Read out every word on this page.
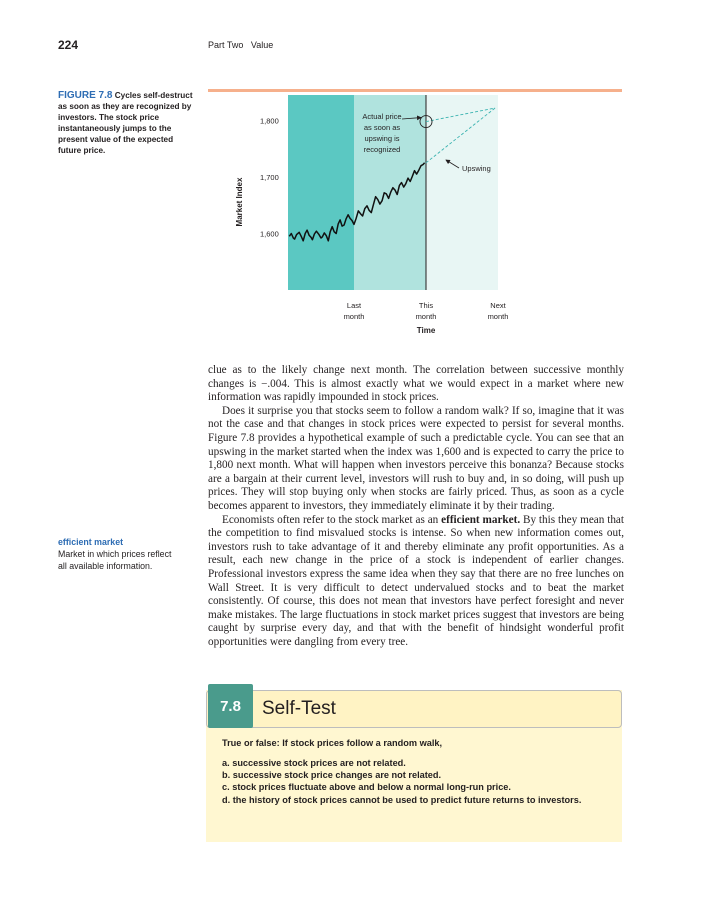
224	Part Two Value
FIGURE 7.8 Cycles self-destruct as soon as they are recognized by investors. The stock price instantaneously jumps to the present value of the expected future price.
1,600
1,700
1,800
Last
month
This
month
Next
month
Market Index
Time
Actual price
as soon as
upswing is
recognized
Upswing

clue as to the likely change next month. The correlation between successive monthly changes is −.004. This is almost exactly what we would expect in a market where new information was rapidly impounded in stock prices.

Does it surprise you that stocks seem to follow a random walk? If so, imagine that it was not the case and that changes in stock prices were expected to persist for several months. Figure 7.8 provides a hypothetical example of such a predictable cycle. You can see that an upswing in the market started when the index was 1,600 and is expected to carry the price to 1,800 next month. What will happen when investors perceive this bonanza? Because stocks are a bargain at their current level, investors will rush to buy and, in so doing, will push up prices. They will stop buying only when stocks are fairly priced. Thus, as soon as a cycle becomes apparent to investors, they immediately eliminate it by their trading.

Economists often refer to the stock market as an efficient market. By this they mean that the competition to find misvalued stocks is intense. So when new information comes out, investors rush to take advantage of it and thereby eliminate any profit opportunities. As a result, each new change in the price of a stock is independent of earlier changes. Professional investors express the same idea when they say that there are no free lunches on Wall Street. It is very difficult to detect undervalued stocks and to beat the market consistently. Of course, this does not mean that investors have perfect foresight and never make mistakes. The large fluctuations in stock market prices suggest that investors are being caught by surprise every day, and that with the benefit of hindsight wonderful profit opportunities were dangling from every tree.

efficient market
Market in which prices reflect all available information.
7.8	Self-Test
True or false: If stock prices follow a random walk,
a. successive stock prices are not related.
b. successive stock price changes are not related.
c. stock prices fluctuate above and below a normal long-run price.
d. the history of stock prices cannot be used to predict future returns to investors.
